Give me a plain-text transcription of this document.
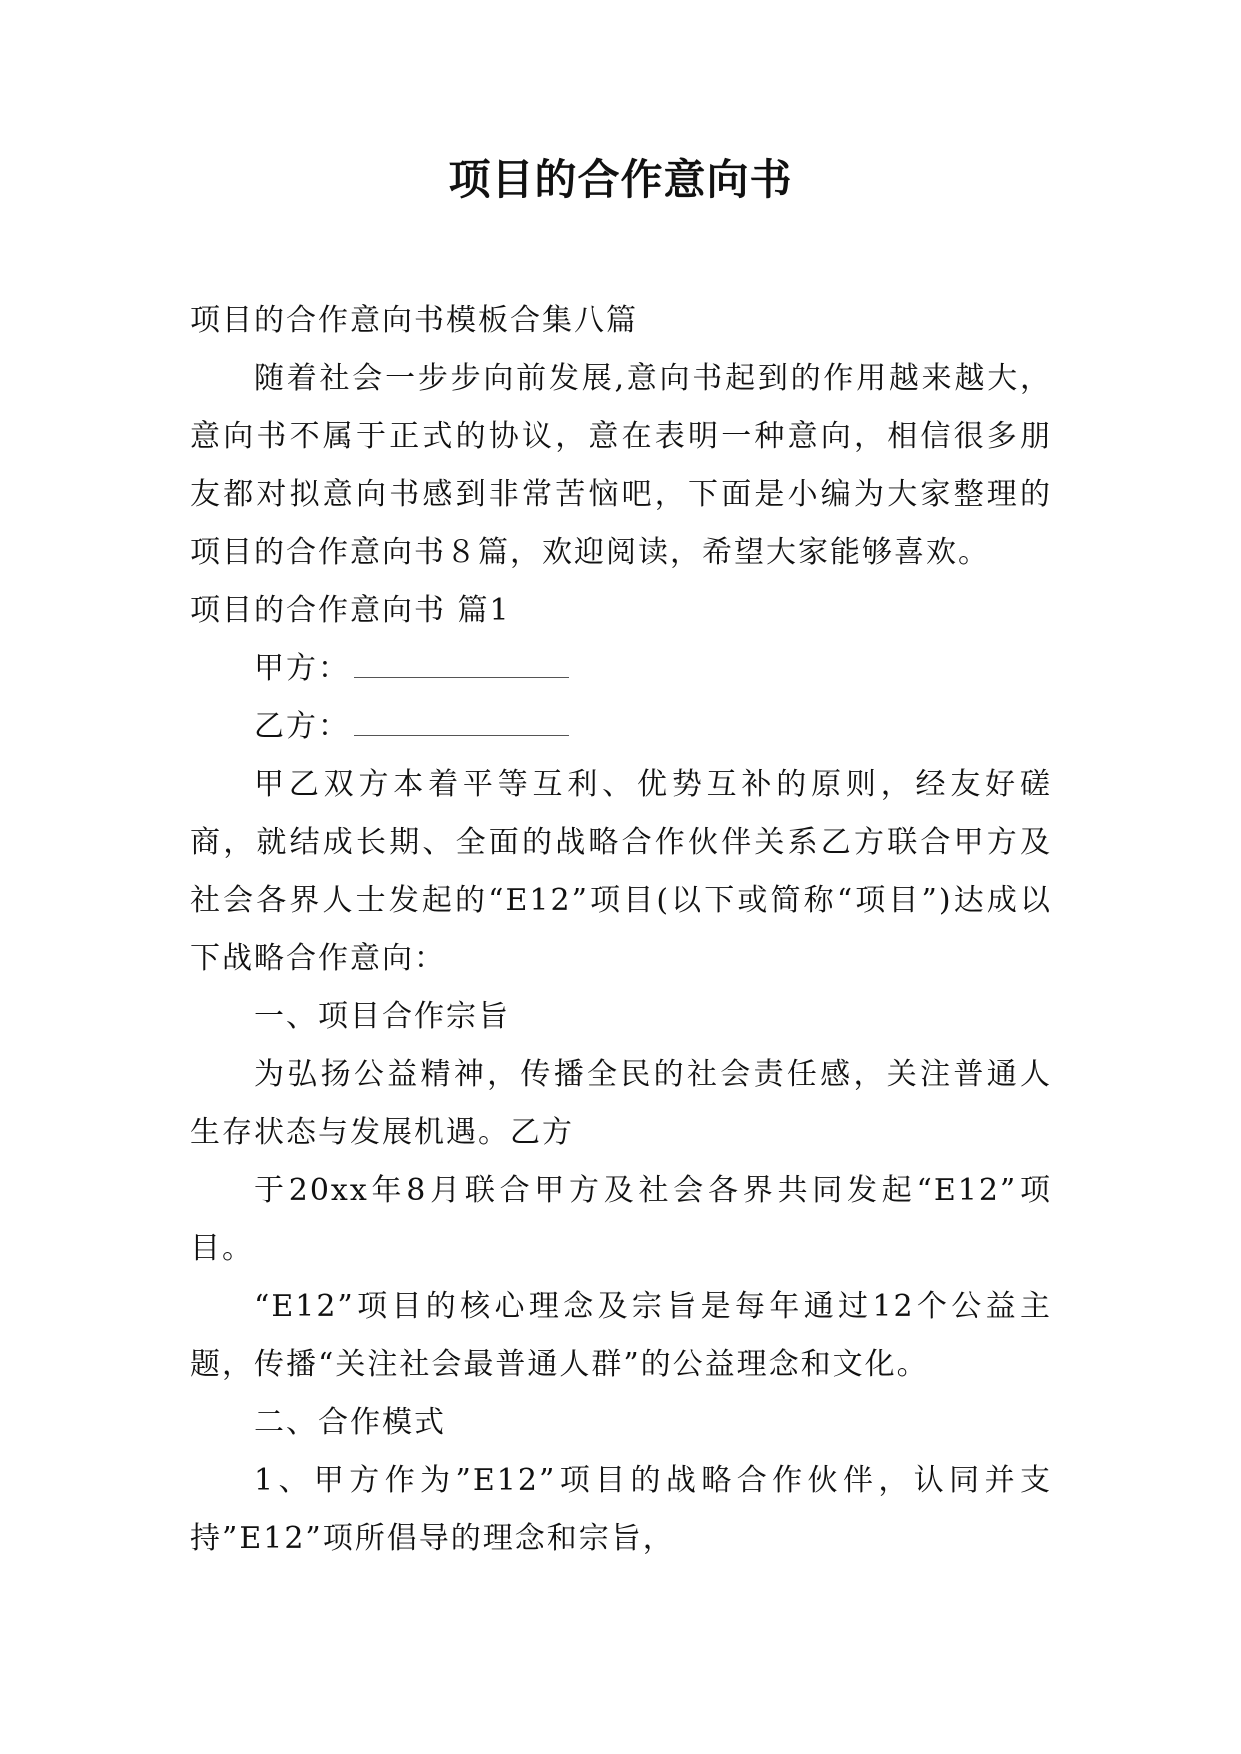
项目的合作意向书

项目的合作意向书模板合集八篇

随着社会一步步向前发展,意向书起到的作用越来越大，意向书不属于正式的协议，意在表明一种意向，相信很多朋友都对拟意向书感到非常苦恼吧，下面是小编为大家整理的项目的合作意向书８篇，欢迎阅读，希望大家能够喜欢。

项目的合作意向书 篇1

甲方：

乙方：

甲乙双方本着平等互利、优势互补的原则，经友好磋商，就结成长期、全面的战略合作伙伴关系乙方联合甲方及社会各界人士发起的“E12”项目(以下或简称“项目”)达成以下战略合作意向：

一、项目合作宗旨

为弘扬公益精神，传播全民的社会责任感，关注普通人生存状态与发展机遇。乙方

于20xx年8月联合甲方及社会各界共同发起“E12”项目。

“E12”项目的核心理念及宗旨是每年通过12个公益主题，传播“关注社会最普通人群”的公益理念和文化。

二、合作模式

1、甲方作为”E12”项目的战略合作伙伴，认同并支持”E12”项所倡导的理念和宗旨，
